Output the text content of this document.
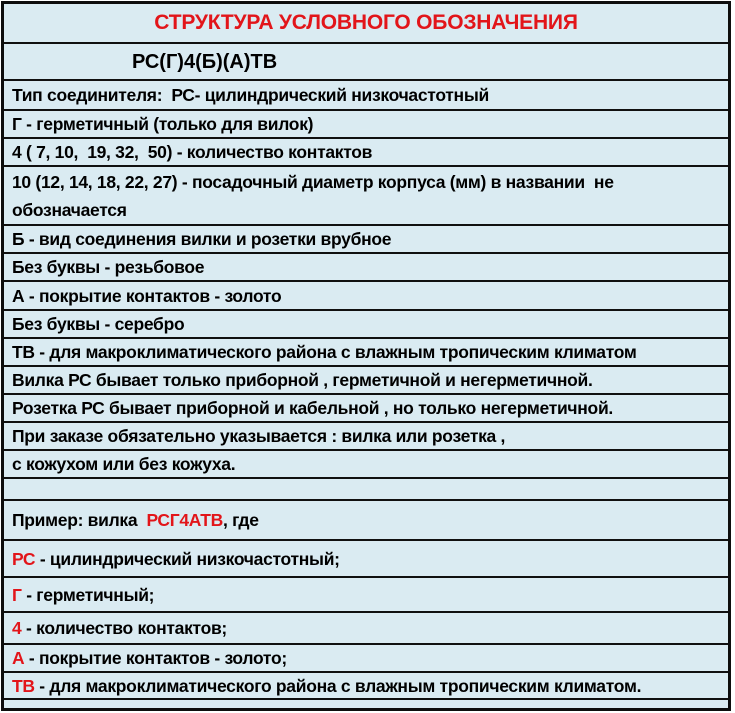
СТРУКТУРА УСЛОВНОГО ОБОЗНАЧЕНИЯ
РС(Г)4(Б)(А)ТВ
Тип соединителя:  РС- цилиндрический низкочастотный
Г - герметичный (только для вилок)
4 ( 7, 10,  19, 32,  50) - количество контактов
10 (12, 14, 18, 22, 27) - посадочный диаметр корпуса (мм) в названии  не обозначается
Б - вид соединения вилки и розетки врубное
Без буквы - резьбовое
А - покрытие контактов - золото
Без буквы - серебро
ТВ - для макроклиматического района с влажным тропическим климатом
Вилка РС бывает только приборной , герметичной и негерметичной.
Розетка РС бывает приборной и кабельной , но только негерметичной.
При заказе обязательно указывается : вилка или розетка ,
с кожухом или без кожуха.
Пример: вилка РСГ4АТВ , где
РС - цилиндрический низкочастотный;
Г - герметичный;
4 - количество контактов;
А - покрытие контактов - золото;
ТВ - для макроклиматического района с влажным тропическим климатом.
